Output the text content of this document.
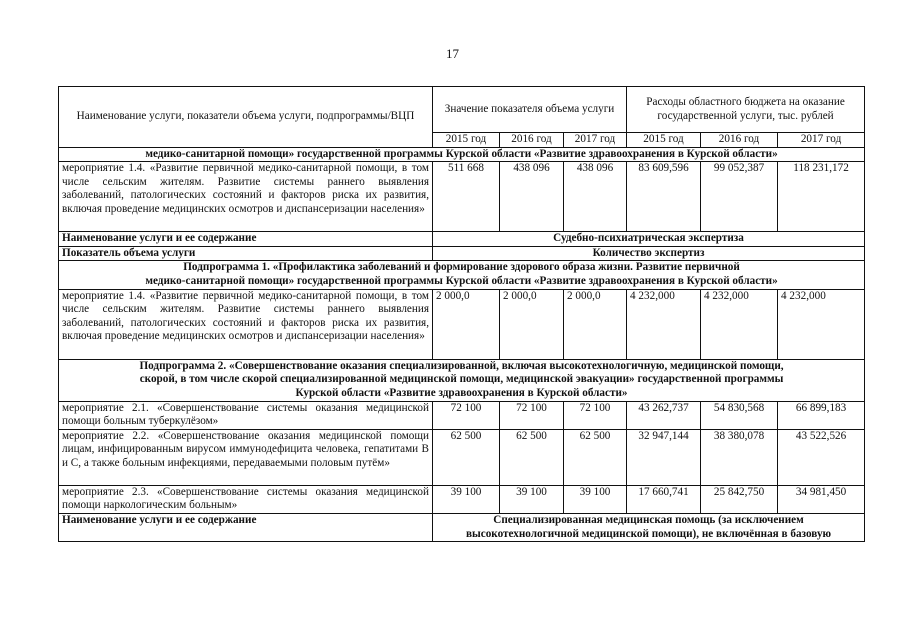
17
Наименование услуги, показатели объема услуги, подпрограммы/ВЦП	Значение показателя объема услуги			Расходы областного бюджета на оказание государственной услуги, тыс. рублей		
	2015 год	2016 год	2017 год	2015 год	2016 год	2017 год
медико-санитарной помощи» государственной программы Курской области «Развитие здравоохранения в Курской области»						
мероприятие 1.4. «Развитие первичной медико-санитарной помощи, в том числе сельским жителям. Развитие системы раннего выявления заболеваний, патологических состояний и факторов риска их развития, включая проведение медицинских осмотров и диспансеризации населения»	511 668	438 096	438 096	83 609,596	99 052,387	118 231,172
Наименование услуги и ее содержание	Судебно-психиатрическая экспертиза					
Показатель объема услуги	Количество экспертиз					

Подпрограмма 1. «Профилактика заболеваний и формирование здорового образа жизни. Развитие первичной
медико-санитарной помощи» государственной программы Курской области «Развитие здравоохранения в Курской области»						

мероприятие 1.4. «Развитие первичной медико-санитарной помощи, в том числе сельским жителям. Развитие системы раннего выявления заболеваний, патологических состояний и факторов риска их развития, включая проведение медицинских осмотров и диспансеризации населения»	2 000,0	2 000,0	2 000,0	4 232,000	4 232,000	4 232,000

Подпрограмма 2. «Совершенствование оказания специализированной, включая высокотехнологичную, медицинской помощи,
скорой, в том числе скорой специализированной медицинской помощи, медицинской эвакуации» государственной программы
Курской области «Развитие здравоохранения в Курской области»						

мероприятие 2.1. «Совершенствование системы оказания медицинской помощи больным туберкулёзом»	72 100	72 100	72 100	43 262,737	54 830,568	66 899,183
мероприятие 2.2. «Совершенствование оказания медицинской помощи лицам, инфицированным вирусом иммунодефицита человека, гепатитами В и С, а также больным инфекциями, передаваемыми половым путём»	62 500	62 500	62 500	32 947,144	38 380,078	43 522,526
мероприятие 2.3. «Совершенствование системы оказания медицинской помощи наркологическим больным»	39 100	39 100	39 100	17 660,741	25 842,750	34 981,450
Наименование услуги и ее содержание	Специализированная медицинская помощь (за исключением
высокотехнологичной медицинской помощи), не включённая в базовую					
